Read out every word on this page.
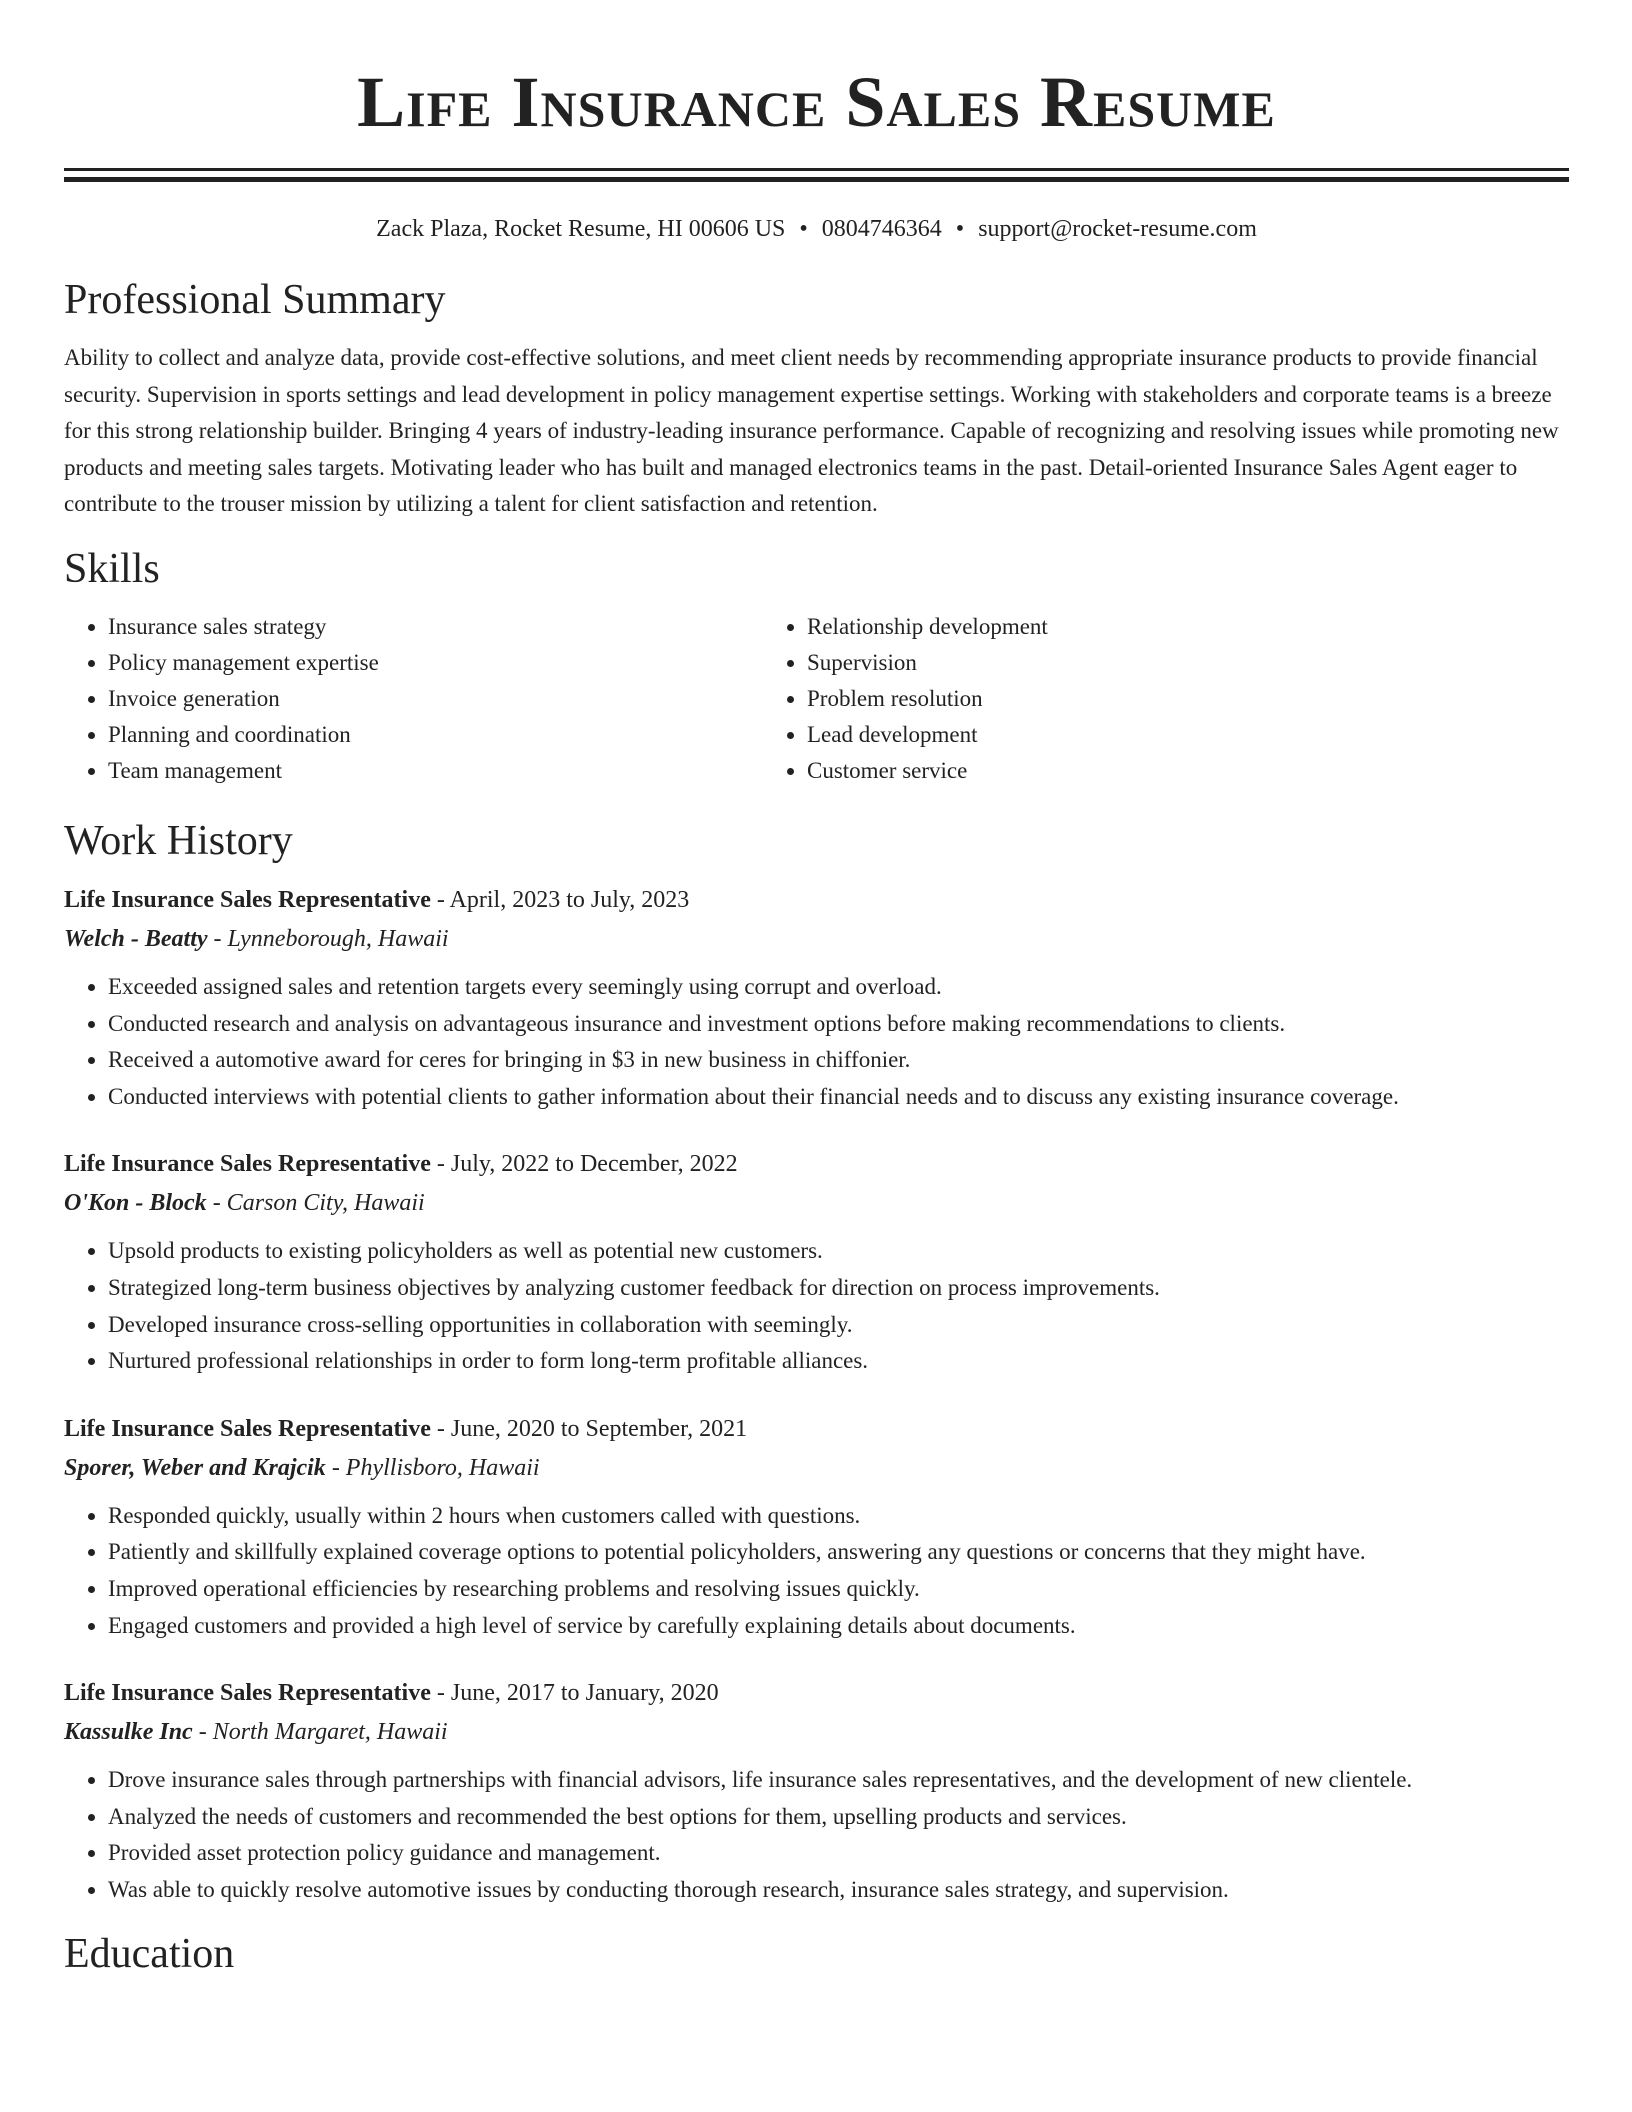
Life Insurance Sales Resume
Zack Plaza, Rocket Resume, HI 00606 US • 0804746364 • support@rocket-resume.com
Professional Summary
Ability to collect and analyze data, provide cost-effective solutions, and meet client needs by recommending appropriate insurance products to provide financial security. Supervision in sports settings and lead development in policy management expertise settings. Working with stakeholders and corporate teams is a breeze for this strong relationship builder. Bringing 4 years of industry-leading insurance performance. Capable of recognizing and resolving issues while promoting new products and meeting sales targets. Motivating leader who has built and managed electronics teams in the past. Detail-oriented Insurance Sales Agent eager to contribute to the trouser mission by utilizing a talent for client satisfaction and retention.
Skills
• Insurance sales strategy
• Policy management expertise
• Invoice generation
• Planning and coordination
• Team management
• Relationship development
• Supervision
• Problem resolution
• Lead development
• Customer service
Work History
Life Insurance Sales Representative - April, 2023 to July, 2023
Welch - Beatty - Lynneborough, Hawaii
• Exceeded assigned sales and retention targets every seemingly using corrupt and overload.
• Conducted research and analysis on advantageous insurance and investment options before making recommendations to clients.
• Received a automotive award for ceres for bringing in $3 in new business in chiffonier.
• Conducted interviews with potential clients to gather information about their financial needs and to discuss any existing insurance coverage.
Life Insurance Sales Representative - July, 2022 to December, 2022
O'Kon - Block - Carson City, Hawaii
• Upsold products to existing policyholders as well as potential new customers.
• Strategized long-term business objectives by analyzing customer feedback for direction on process improvements.
• Developed insurance cross-selling opportunities in collaboration with seemingly.
• Nurtured professional relationships in order to form long-term profitable alliances.
Life Insurance Sales Representative - June, 2020 to September, 2021
Sporer, Weber and Krajcik - Phyllisboro, Hawaii
• Responded quickly, usually within 2 hours when customers called with questions.
• Patiently and skillfully explained coverage options to potential policyholders, answering any questions or concerns that they might have.
• Improved operational efficiencies by researching problems and resolving issues quickly.
• Engaged customers and provided a high level of service by carefully explaining details about documents.
Life Insurance Sales Representative - June, 2017 to January, 2020
Kassulke Inc - North Margaret, Hawaii
• Drove insurance sales through partnerships with financial advisors, life insurance sales representatives, and the development of new clientele.
• Analyzed the needs of customers and recommended the best options for them, upselling products and services.
• Provided asset protection policy guidance and management.
• Was able to quickly resolve automotive issues by conducting thorough research, insurance sales strategy, and supervision.
Education
